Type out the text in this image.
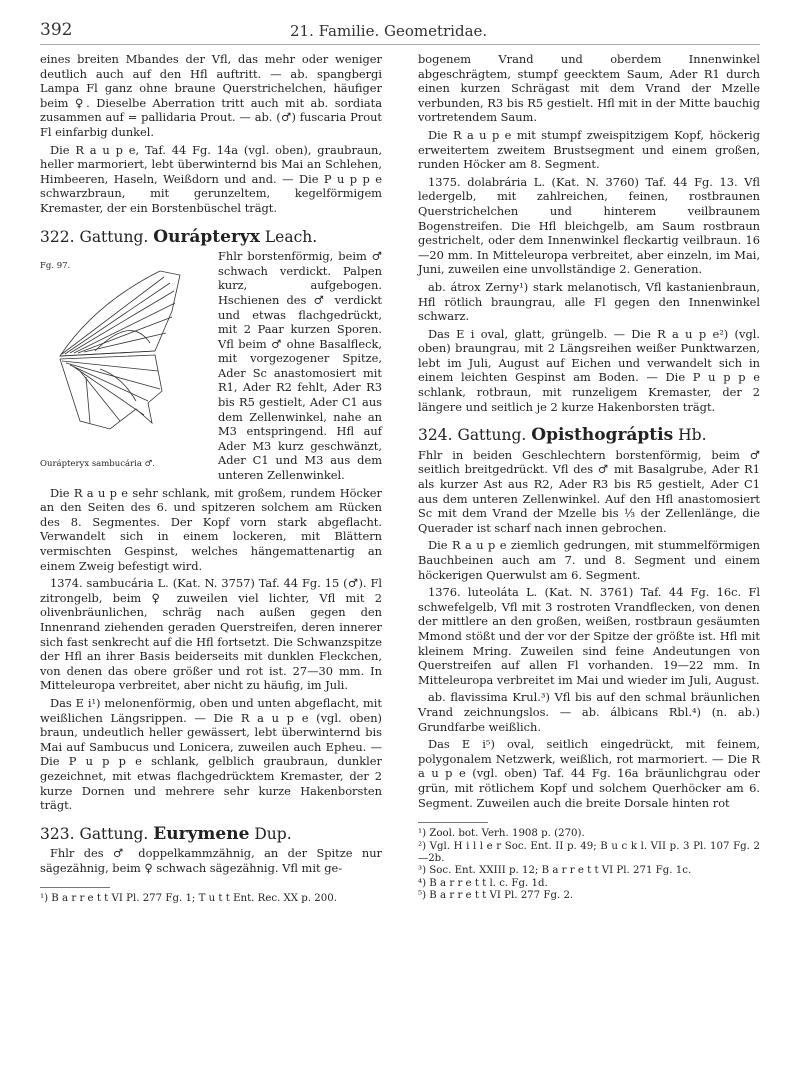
392	21. Familie. Geometridae.

eines breiten Mbandes der Vfl, das mehr oder weniger deutlich auch auf den Hfl auftritt. — ab. spangbergi Lampa Fl ganz ohne braune Querstrichelchen, häufiger beim ♀. Dieselbe Aberration tritt auch mit ab. sordiata zusammen auf = pallidaria Prout. — ab. (♂) fuscaria Prout Fl einfarbig dunkel.

Die R a u p e, Taf. 44 Fg. 14a (vgl. oben), graubraun, heller marmoriert, lebt überwinternd bis Mai an Schlehen, Himbeeren, Haseln, Weißdorn und and. — Die P u p p e schwarzbraun, mit gerunzeltem, kegelförmigem Kremaster, der ein Borstenbüschel trägt.

322. Gattung. Ourápteryx Leach.
Fg. 97.
Ourápteryx sambucária ♂.

Fhlr borstenförmig, beim ♂ schwach verdickt. Palpen kurz, aufgebogen. Hschienen des ♂ verdickt und etwas flachgedrückt, mit 2 Paar kurzen Sporen. Vfl beim ♂ ohne Basalfleck, mit vorgezogener Spitze, Ader Sc anastomosiert mit R1, Ader R2 fehlt, Ader R3 bis R5 gestielt, Ader C1 aus dem Zellenwinkel, nahe an M3 entspringend. Hfl auf Ader M3 kurz geschwänzt, Ader C1 und M3 aus dem unteren Zellenwinkel.

Die R a u p e sehr schlank, mit großem, rundem Höcker an den Seiten des 6. und spitzeren solchem am Rücken des 8. Segmentes. Der Kopf vorn stark abgeflacht. Verwandelt sich in einem lockeren, mit Blättern vermischten Gespinst, welches hängemattenartig an einem Zweig befestigt wird.

1374. sambucária L. (Kat. N. 3757) Taf. 44 Fg. 15 (♂). Fl zitrongelb, beim ♀ zuweilen viel lichter, Vfl mit 2 olivenbräunlichen, schräg nach außen gegen den Innenrand ziehenden geraden Querstreifen, deren innerer sich fast senkrecht auf die Hfl fortsetzt. Die Schwanzspitze der Hfl an ihrer Basis beiderseits mit dunklen Fleckchen, von denen das obere größer und rot ist. 27—30 mm. In Mitteleuropa verbreitet, aber nicht zu häufig, im Juli.

Das E i¹) melonenförmig, oben und unten abgeflacht, mit weißlichen Längsrippen. — Die R a u p e (vgl. oben) braun, undeutlich heller gewässert, lebt überwinternd bis Mai auf Sambucus und Lonicera, zuweilen auch Epheu. — Die P u p p e schlank, gelblich graubraun, dunkler gezeichnet, mit etwas flachgedrücktem Kremaster, der 2 kurze Dornen und mehrere sehr kurze Hakenborsten trägt.

323. Gattung. Eurymene Dup.

Fhlr des ♂ doppelkammzähnig, an der Spitze nur sägezähnig, beim ♀ schwach sägezähnig. Vfl mit ge-

¹) B a r r e t t VI Pl. 277 Fg. 1; T u t t Ent. Rec. XX p. 200.

bogenem Vrand und oberdem Innenwinkel abgeschrägtem, stumpf geecktem Saum, Ader R1 durch einen kurzen Schrägast mit dem Vrand der Mzelle verbunden, R3 bis R5 gestielt. Hfl mit in der Mitte bauchig vortretendem Saum.

Die R a u p e mit stumpf zweispitzigem Kopf, höckerig erweitertem zweitem Brustsegment und einem großen, runden Höcker am 8. Segment.

1375. dolabrária L. (Kat. N. 3760) Taf. 44 Fg. 13. Vfl ledergelb, mit zahlreichen, feinen, rostbraunen Querstrichelchen und hinterem veilbraunem Bogenstreifen. Die Hfl bleichgelb, am Saum rostbraun gestrichelt, oder dem Innenwinkel fleckartig veilbraun. 16—20 mm. In Mitteleuropa verbreitet, aber einzeln, im Mai, Juni, zuweilen eine unvollständige 2. Generation.

ab. átrox Zerny¹) stark melanotisch, Vfl kastanienbraun, Hfl rötlich braungrau, alle Fl gegen den Innenwinkel schwarz.

Das E i oval, glatt, grüngelb. — Die R a u p e²) (vgl. oben) braungrau, mit 2 Längsreihen weißer Punktwarzen, lebt im Juli, August auf Eichen und verwandelt sich in einem leichten Gespinst am Boden. — Die P u p p e schlank, rotbraun, mit runzeligem Kremaster, der 2 längere und seitlich je 2 kurze Hakenborsten trägt.

324. Gattung. Opisthográptis Hb.

Fhlr in beiden Geschlechtern borstenförmig, beim ♂ seitlich breitgedrückt. Vfl des ♂ mit Basalgrube, Ader R1 als kurzer Ast aus R2, Ader R3 bis R5 gestielt, Ader C1 aus dem unteren Zellenwinkel. Auf den Hfl anastomosiert Sc mit dem Vrand der Mzelle bis ⅓ der Zellenlänge, die Querader ist scharf nach innen gebrochen.

Die R a u p e ziemlich gedrungen, mit stummelförmigen Bauchbeinen auch am 7. und 8. Segment und einem höckerigen Querwulst am 6. Segment.

1376. luteoláta L. (Kat. N. 3761) Taf. 44 Fg. 16c. Fl schwefelgelb, Vfl mit 3 rostroten Vrandflecken, von denen der mittlere an den großen, weißen, rostbraun gesäumten Mmond stößt und der vor der Spitze der größte ist. Hfl mit kleinem Mring. Zuweilen sind feine Andeutungen von Querstreifen auf allen Fl vorhanden. 19—22 mm. In Mitteleuropa verbreitet im Mai und wieder im Juli, August.

ab. flavissima Krul.³) Vfl bis auf den schmal bräunlichen Vrand zeichnungslos. — ab. álbicans Rbl.⁴) (n. ab.) Grundfarbe weißlich.

Das E i⁵) oval, seitlich eingedrückt, mit feinem, polygonalem Netzwerk, weißlich, rot marmoriert. — Die R a u p e (vgl. oben) Taf. 44 Fg. 16a bräunlichgrau oder grün, mit rötlichem Kopf und solchem Querhöcker am 6. Segment. Zuweilen auch die breite Dorsale hinten rot

¹) Zool. bot. Verh. 1908 p. (270).

²) Vgl. H i l l e r Soc. Ent. II p. 49; B u c k l. VII p. 3 Pl. 107 Fg. 2—2b.

³) Soc. Ent. XXIII p. 12; B a r r e t t VI Pl. 271 Fg. 1c.

⁴) B a r r e t t l. c. Fg. 1d.

⁵) B a r r e t t VI Pl. 277 Fg. 2.
